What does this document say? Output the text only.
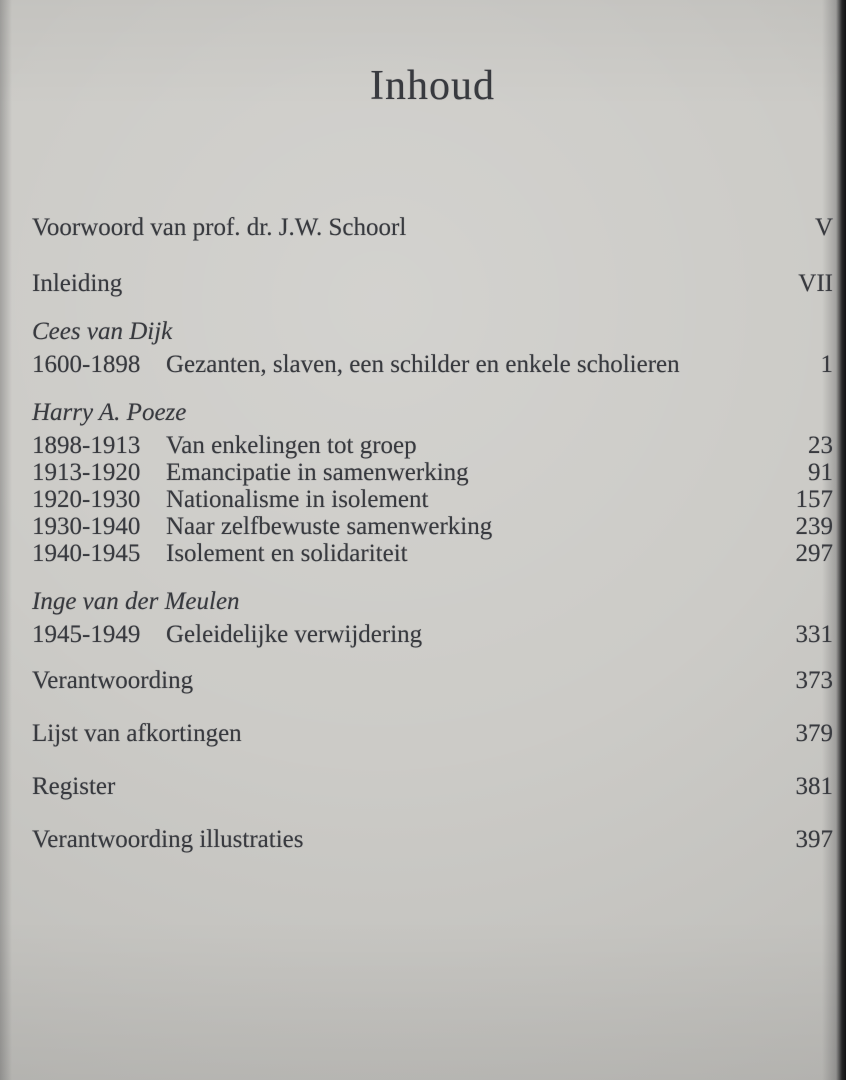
Inhoud
Voorwoord van prof. dr. J.W. Schoorl	V
Inleiding	VII
Cees van Dijk
1600-1898	Gezanten, slaven, een schilder en enkele scholieren	1
Harry A. Poeze
1898-1913	Van enkelingen tot groep	23
1913-1920	Emancipatie in samenwerking	91
1920-1930	Nationalisme in isolement	157
1930-1940	Naar zelfbewuste samenwerking	239
1940-1945	Isolement en solidariteit	297
Inge van der Meulen
1945-1949	Geleidelijke verwijdering	331
Verantwoording	373
Lijst van afkortingen	379
Register	381
Verantwoording illustraties	397
